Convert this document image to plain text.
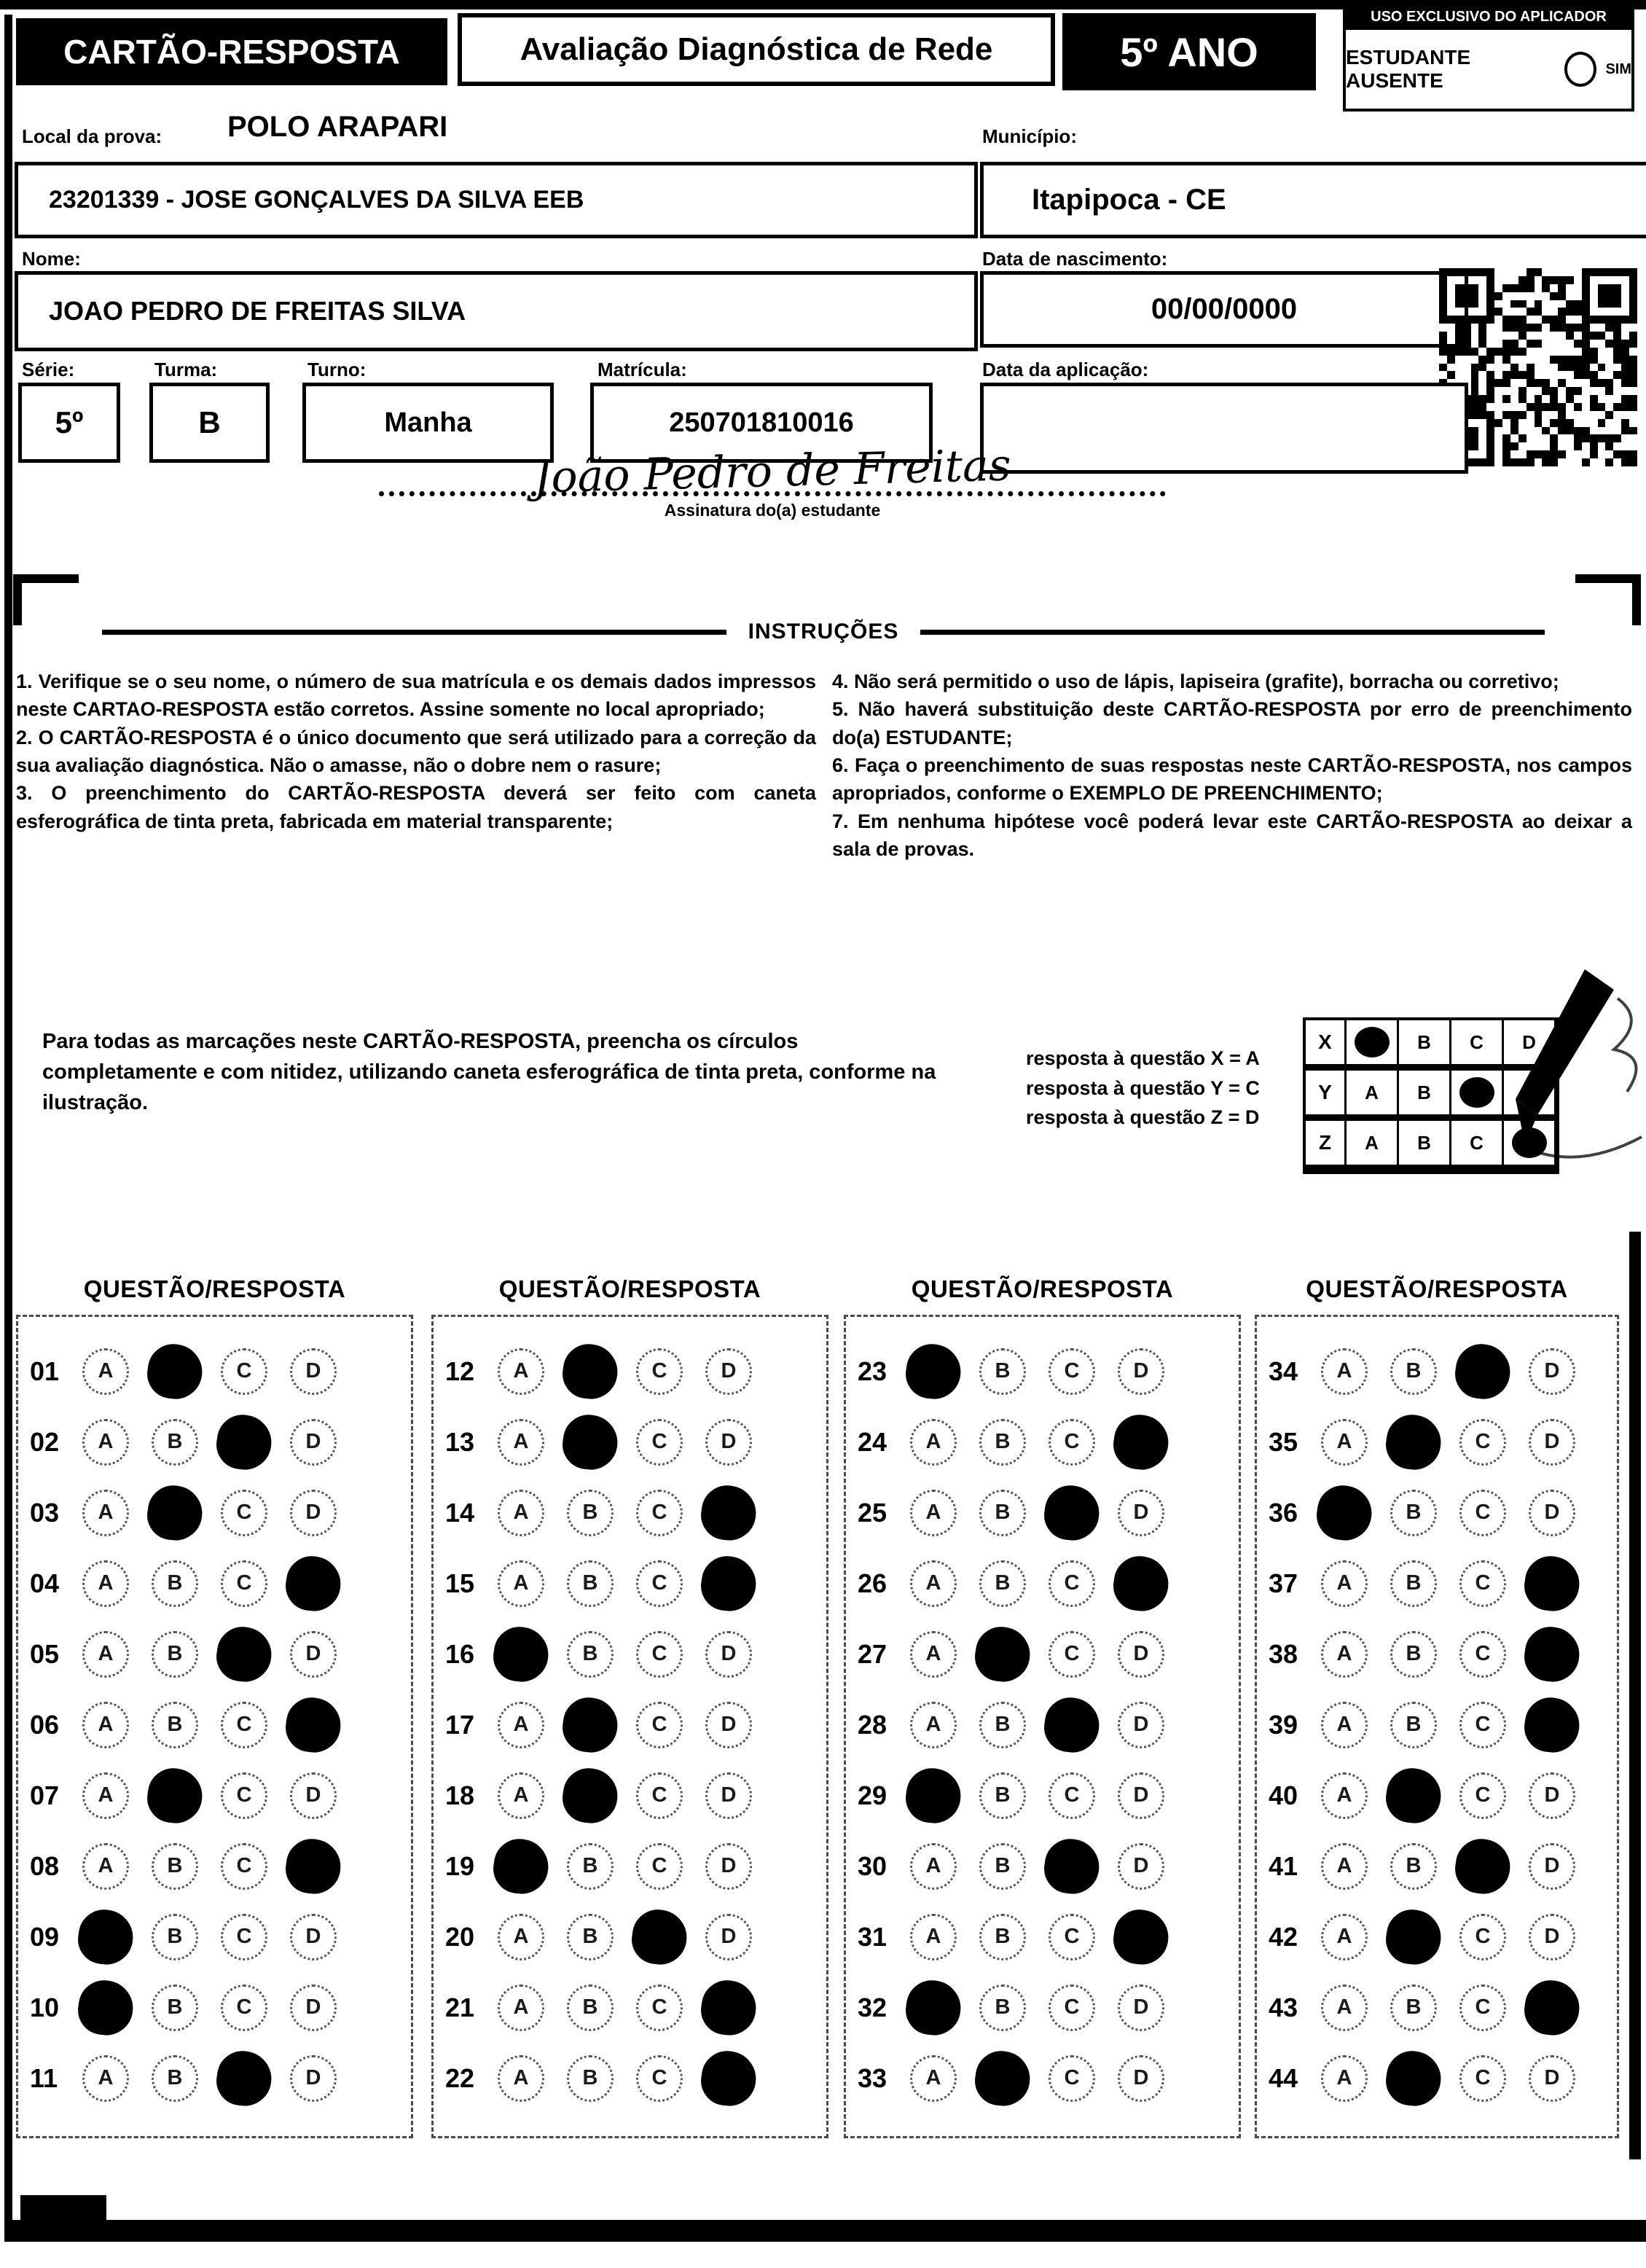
CARTÃO-RESPOSTA	Avaliação Diagnóstica de Rede	5º ANO
USO EXCLUSIVO DO APLICADOR
ESTUDANTE AUSENTE
SIM
Local da prova: POLO ARAPARI
23201339 - JOSE GONÇALVES DA SILVA EEB
Município:
Itapipoca - CE
Nome:
JOAO PEDRO DE FREITAS SILVA
Data de nascimento:
00/00/0000
Série:
5º
Turma:
B
Turno:
Manha
Matrícula:
250701810016
Data da aplicação:
João Pedro de Freitas
Assinatura do(a) estudante
INSTRUÇÕES

1. Verifique se o seu nome, o número de sua matrícula e os demais dados impressos neste CARTAO-RESPOSTA estão corretos. Assine somente no local apropriado;

2. O CARTÃO-RESPOSTA é o único documento que será utilizado para a correção da sua avaliação diagnóstica. Não o amasse, não o dobre nem o rasure;

3. O preenchimento do CARTÃO-RESPOSTA deverá ser feito com caneta esferográfica de tinta preta, fabricada em material transparente;

4. Não será permitido o uso de lápis, lapiseira (grafite), borracha ou corretivo;

5. Não haverá substituição deste CARTÃO-RESPOSTA por erro de preenchimento do(a) ESTUDANTE;

6. Faça o preenchimento de suas respostas neste CARTÃO-RESPOSTA, nos campos apropriados, conforme o EXEMPLO DE PREENCHIMENTO;

7. Em nenhuma hipótese você poderá levar este CARTÃO-RESPOSTA ao deixar a sala de provas.

Para todas as marcações neste CARTÃO-RESPOSTA, preencha os círculos completamente e com nitidez, utilizando caneta esferográfica de tinta preta, conforme na ilustração.
resposta à questão X = A
resposta à questão Y = C
resposta à questão Z = D
X	B	C	D
Y	A	B
Z	A	B	C
QUESTÃO/RESPOSTA
01	A	C	D
02	A	B	D
03	A	C	D
04	A	B	C
05	A	B	D
06	A	B	C
07	A	C	D
08	A	B	C
09	B	C	D
10	B	C	D
11	A	B	D
QUESTÃO/RESPOSTA
12	A	C	D
13	A	C	D
14	A	B	C
15	A	B	C
16	B	C	D
17	A	C	D
18	A	C	D
19	B	C	D
20	A	B	D
21	A	B	C
22	A	B	C
QUESTÃO/RESPOSTA
23	B	C	D
24	A	B	C
25	A	B	D
26	A	B	C
27	A	C	D
28	A	B	D
29	B	C	D
30	A	B	D
31	A	B	C
32	B	C	D
33	A	C	D
QUESTÃO/RESPOSTA
34	A	B	D
35	A	C	D
36	B	C	D
37	A	B	C
38	A	B	C
39	A	B	C
40	A	C	D
41	A	B	D
42	A	C	D
43	A	B	C
44	A	C	D
